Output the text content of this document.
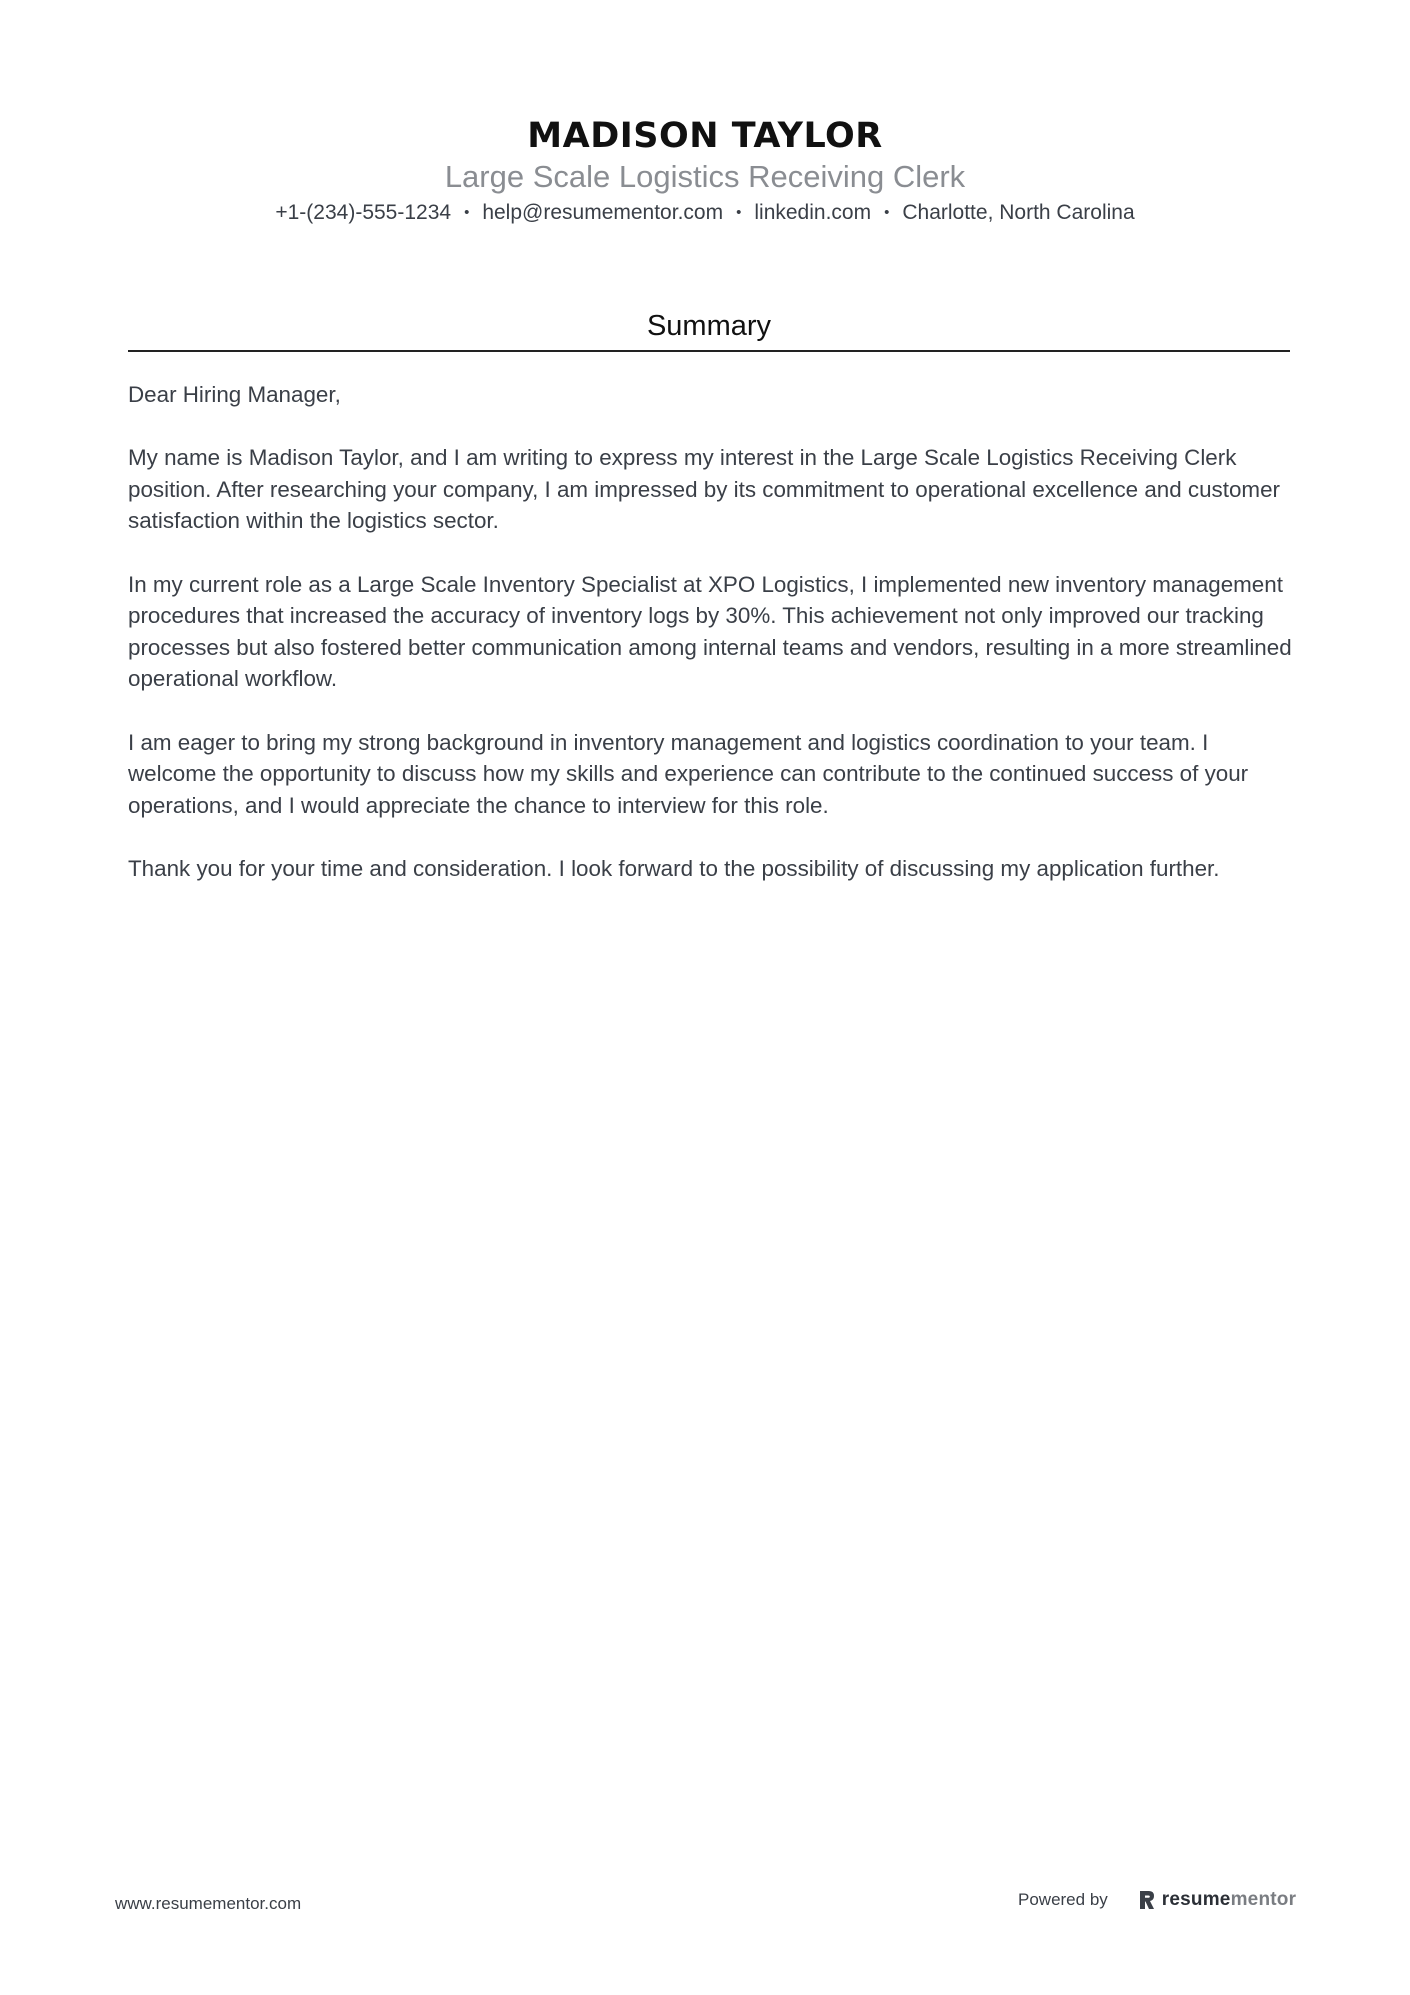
MADISON TAYLOR
Large Scale Logistics Receiving Clerk
+1-(234)-555-1234 • help@resumementor.com • linkedin.com • Charlotte, North Carolina
Summary

Dear Hiring Manager,

My name is Madison Taylor, and I am writing to express my interest in the Large Scale Logistics Receiving Clerk position. After researching your company, I am impressed by its commitment to operational excellence and customer satisfaction within the logistics sector.

In my current role as a Large Scale Inventory Specialist at XPO Logistics, I implemented new inventory management procedures that increased the accuracy of inventory logs by 30%. This achievement not only improved our tracking processes but also fostered better communication among internal teams and vendors, resulting in a more streamlined operational workflow.

I am eager to bring my strong background in inventory management and logistics coordination to your team. I welcome the opportunity to discuss how my skills and experience can contribute to the continued success of your operations, and I would appreciate the chance to interview for this role.

Thank you for your time and consideration. I look forward to the possibility of discussing my application further.

www.resumementor.com	Powered by	resumementor
